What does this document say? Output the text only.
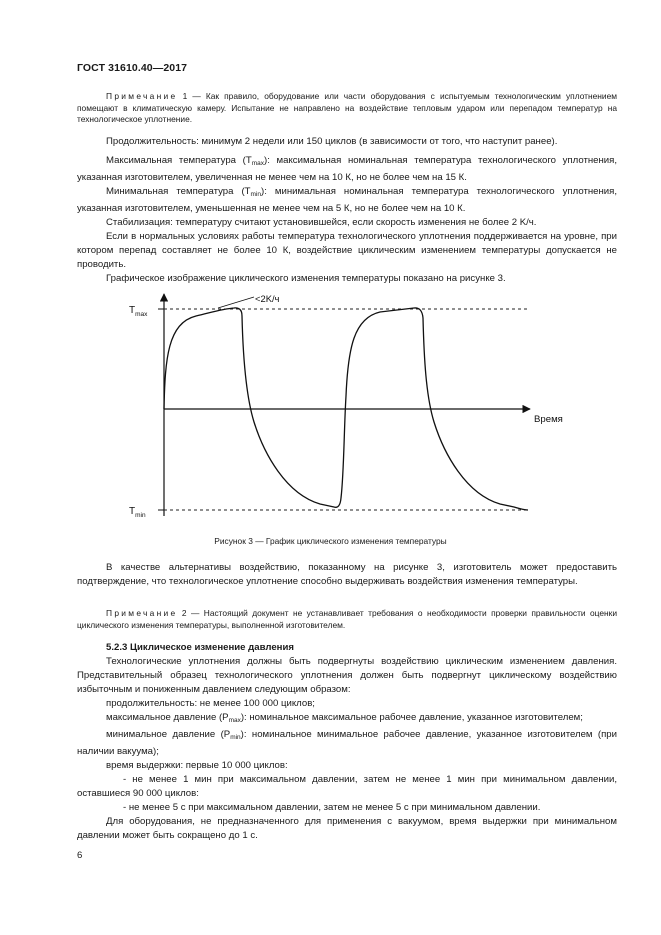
ГОСТ 31610.40—2017

Примечание 1 — Как правило, оборудование или части оборудования с испытуемым технологическим уплотнением помещают в климатическую камеру. Испытание не направлено на воздействие тепловым ударом или перепадом температур на технологическое уплотнение.

Продолжительность: минимум 2 недели или 150 циклов (в зависимости от того, что наступит ранее).

Максимальная температура $(T_{max})$: максимальная номинальная температура технологического уплотнения, указанная изготовителем, увеличенная не менее чем на 10 К, но не более чем на 15 К.

Минимальная температура $(T_{min})$: минимальная номинальная температура технологического уплотнения, указанная изготовителем, уменьшенная не менее чем на 5 К, но не более чем на 10 К.

Стабилизация: температуру считают установившейся, если скорость изменения не более 2 K/ч.

Если в нормальных условиях работы температура технологического уплотнения поддерживается на уровне, при котором перепад составляет не более 10 К, воздействие циклическим изменением температуры допускается не проводить.

Графическое изображение циклического изменения температуры показано на рисунке 3.

$T_{max}$
$T_{min}$
Время
<2K/ч
Рисунок 3 — График циклического изменения температуры

В качестве альтернативы воздействию, показанному на рисунке 3, изготовитель может предоставить подтверждение, что технологическое уплотнение способно выдерживать воздействия изменения температуры.

Примечание 2 — Настоящий документ не устанавливает требования о необходимости проверки правильности оценки циклического изменения температуры, выполненной изготовителем.

5.2.3 Циклическое изменение давления

Технологические уплотнения должны быть подвергнуты воздействию циклическим изменением давления. Представительный образец технологического уплотнения должен быть подвергнут циклическому воздействию избыточным и пониженным давлением следующим образом:

продолжительность: не менее 100 000 циклов;

максимальное давление $(P_{max})$: номинальное максимальное рабочее давление, указанное изготовителем;

минимальное давление $(P_{min})$: номинальное минимальное рабочее давление, указанное изготовителем (при наличии вакуума);

время выдержки: первые 10 000 циклов:

- не менее 1 мин при максимальном давлении, затем не менее 1 мин при минимальном давлении, оставшиеся 90 000 циклов:

- не менее 5 с при максимальном давлении, затем не менее 5 с при минимальном давлении.

Для оборудования, не предназначенного для применения с вакуумом, время выдержки при минимальном давлении может быть сокращено до 1 с.

6
